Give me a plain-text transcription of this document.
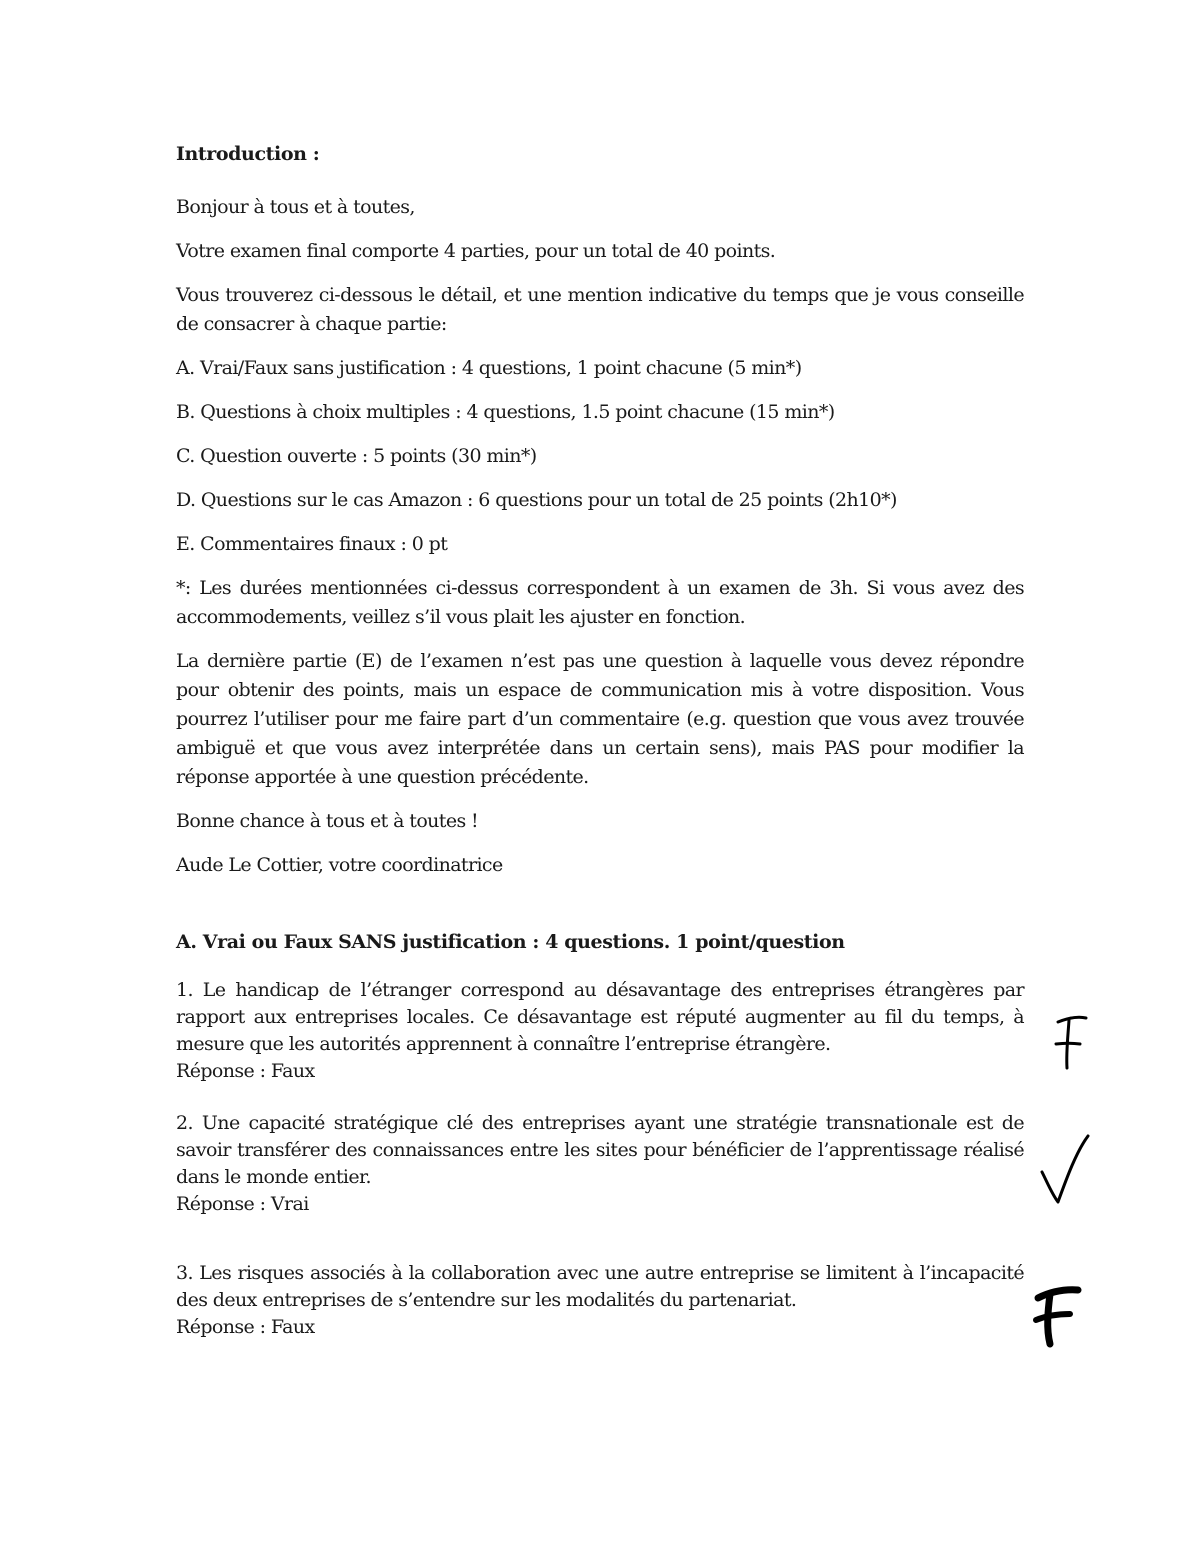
Introduction :

Bonjour à tous et à toutes,

Votre examen final comporte 4 parties, pour un total de 40 points.

Vous trouverez ci-dessous le détail, et une mention indicative du temps que je vous conseille de consacrer à chaque partie:

A. Vrai/Faux sans justification : 4 questions, 1 point chacune (5 min*)

B. Questions à choix multiples : 4 questions, 1.5 point chacune (15 min*)

C. Question ouverte : 5 points (30 min*)

D. Questions sur le cas Amazon : 6 questions pour un total de 25 points (2h10*)

E. Commentaires finaux : 0 pt

*: Les durées mentionnées ci-dessus correspondent à un examen de 3h. Si vous avez des accommodements, veillez s’il vous plait les ajuster en fonction.

La dernière partie (E) de l’examen n’est pas une question à laquelle vous devez répondre pour obtenir des points, mais un espace de communication mis à votre disposition. Vous pourrez l’utiliser pour me faire part d’un commentaire (e.g. question que vous avez trouvée ambiguë et que vous avez interprétée dans un certain sens), mais PAS pour modifier la réponse apportée à une question précédente.

Bonne chance à tous et à toutes !

Aude Le Cottier, votre coordinatrice

A. Vrai ou Faux SANS justification : 4 questions. 1 point/question

1. Le handicap de l’étranger correspond au désavantage des entreprises étrangères par rapport aux entreprises locales. Ce désavantage est réputé augmenter au fil du temps, à mesure que les autorités apprennent à connaître l’entreprise étrangère.
Réponse : Faux
2. Une capacité stratégique clé des entreprises ayant une stratégie transnationale est de savoir transférer des connaissances entre les sites pour bénéficier de l’apprentissage réalisé dans le monde entier.
Réponse : Vrai
3. Les risques associés à la collaboration avec une autre entreprise se limitent à l’incapacité des deux entreprises de s’entendre sur les modalités du partenariat.
Réponse : Faux
